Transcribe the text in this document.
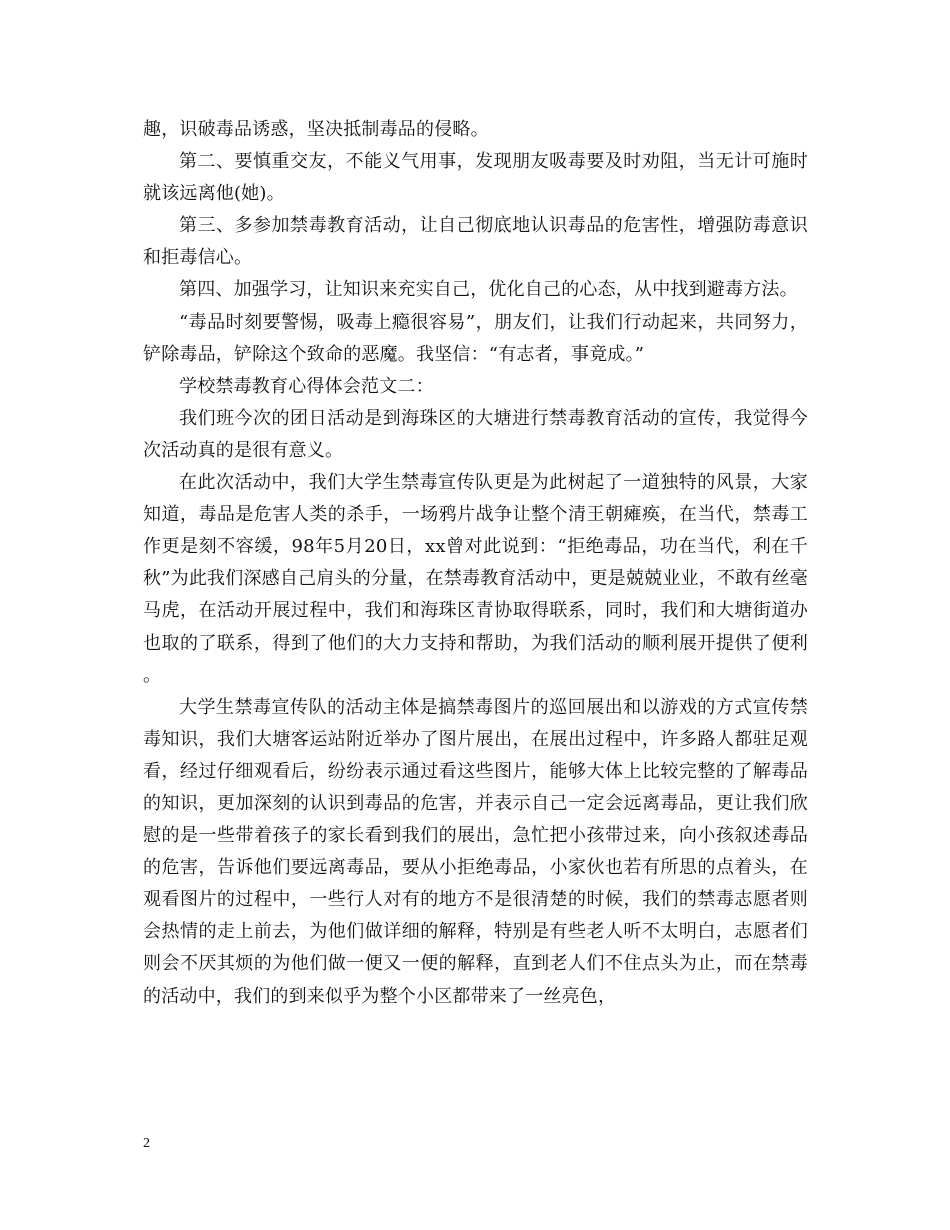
趣，识破毒品诱惑，坚决抵制毒品的侵略。

第二、要慎重交友，不能义气用事，发现朋友吸毒要及时劝阻，当无计可施时就该远离他(她)。

第三、多参加禁毒教育活动，让自己彻底地认识毒品的危害性，增强防毒意识和拒毒信心。

第四、加强学习，让知识来充实自己，优化自己的心态，从中找到避毒方法。

“毒品时刻要警惕，吸毒上瘾很容易”，朋友们，让我们行动起来，共同努力，铲除毒品，铲除这个致命的恶魔。我坚信：“有志者，事竟成。”

学校禁毒教育心得体会范文二：

我们班今次的团日活动是到海珠区的大塘进行禁毒教育活动的宣传，我觉得今次活动真的是很有意义。

在此次活动中，我们大学生禁毒宣传队更是为此树起了一道独特的风景，大家知道，毒品是危害人类的杀手，一场鸦片战争让整个清王朝瘫痪，在当代，禁毒工作更是刻不容缓，98年5月20日，xx曾对此说到：“拒绝毒品，功在当代，利在千秋”为此我们深感自己肩头的分量，在禁毒教育活动中，更是兢兢业业，不敢有丝毫马虎，在活动开展过程中，我们和海珠区青协取得联系，同时，我们和大塘街道办也取的了联系，得到了他们的大力支持和帮助，为我们活动的顺利展开提供了便利 。

大学生禁毒宣传队的活动主体是搞禁毒图片的巡回展出和以游戏的方式宣传禁毒知识，我们大塘客运站附近举办了图片展出，在展出过程中，许多路人都驻足观看，经过仔细观看后，纷纷表示通过看这些图片，能够大体上比较完整的了解毒品的知识，更加深刻的认识到毒品的危害，并表示自己一定会远离毒品，更让我们欣慰的是一些带着孩子的家长看到我们的展出，急忙把小孩带过来，向小孩叙述毒品的危害，告诉他们要远离毒品，要从小拒绝毒品，小家伙也若有所思的点着头，在观看图片的过程中，一些行人对有的地方不是很清楚的时候，我们的禁毒志愿者则会热情的走上前去，为他们做详细的解释，特别是有些老人听不太明白，志愿者们则会不厌其烦的为他们做一便又一便的解释，直到老人们不住点头为止，而在禁毒的活动中，我们的到来似乎为整个小区都带来了一丝亮色，

2
